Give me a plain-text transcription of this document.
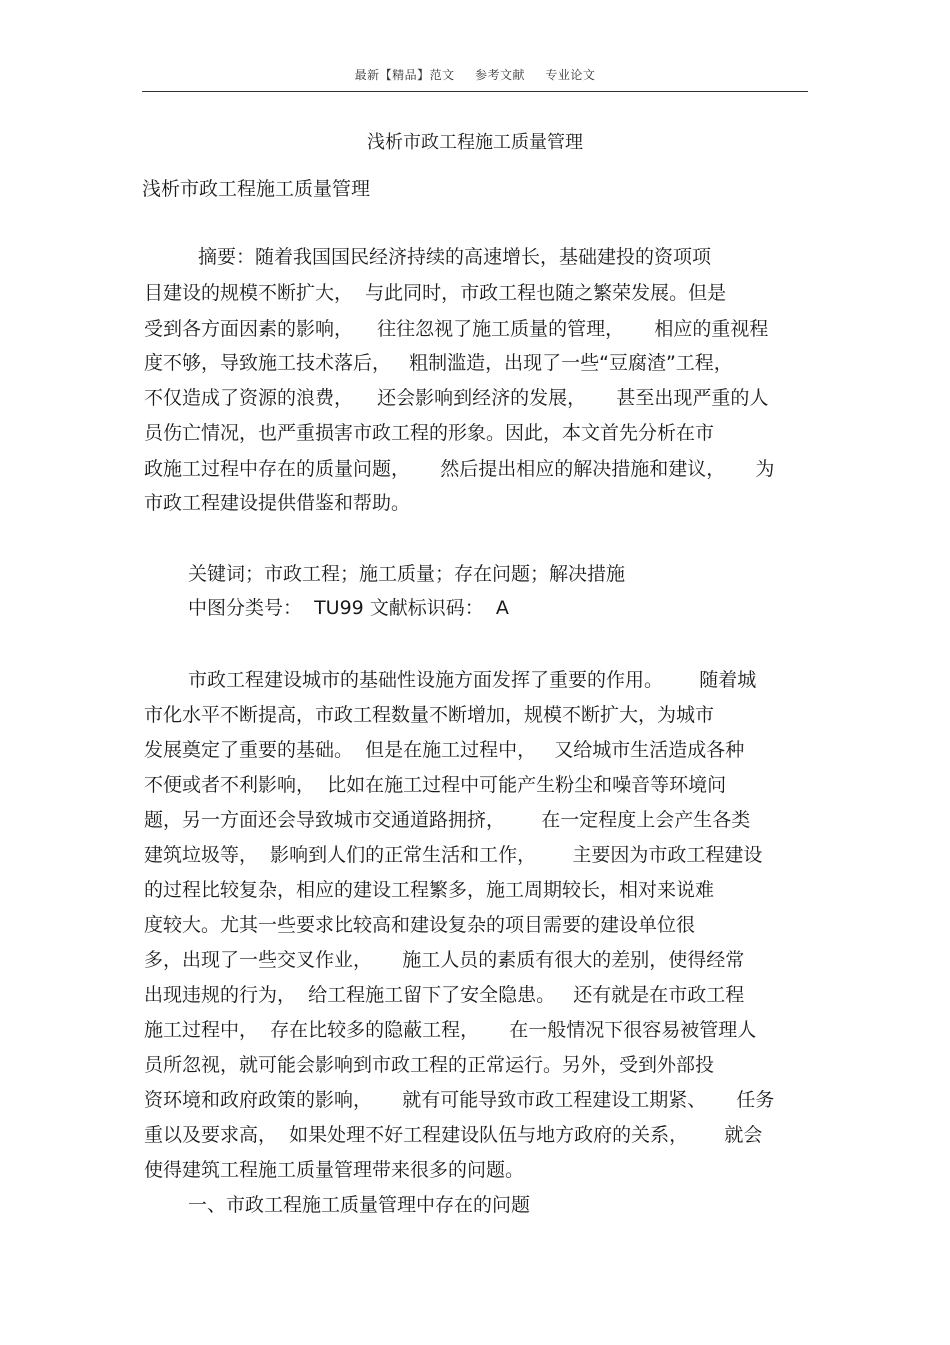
最新【精品】范文 参考文献 专业论文
浅析市政工程施工质量管理
浅析市政工程施工质量管理
摘要：随着我国国民经济持续的高速增长，基础建投的资项项
目建设的规模不断扩大，  与此同时，市政工程也随之繁荣发展。但是
受到各方面因素的影响，    往往忽视了施工质量的管理，     相应的重视程
度不够，导致施工技术落后，   粗制滥造，出现了一些“豆腐渣”工程，
不仅造成了资源的浪费，    还会影响到经济的发展，     甚至出现严重的人
员伤亡情况，也严重损害市政工程的形象。因此，本文首先分析在市
政施工过程中存在的质量问题，     然后提出相应的解决措施和建议，     为
市政工程建设提供借鉴和帮助。
关键词；市政工程；施工质量；存在问题；解决措施
中图分类号：  TU99 文献标识码：  A
市政工程建设城市的基础性设施方面发挥了重要的作用。      随着城
市化水平不断提高，市政工程数量不断增加，规模不断扩大，为城市
发展奠定了重要的基础。  但是在施工过程中，   又给城市生活造成各种
不便或者不利影响，  比如在施工过程中可能产生粉尘和噪音等环境问
题，另一方面还会导致城市交通道路拥挤，      在一定程度上会产生各类
建筑垃圾等，  影响到人们的正常生活和工作，      主要因为市政工程建设
的过程比较复杂，相应的建设工程繁多，施工周期较长，相对来说难
度较大。尤其一些要求比较高和建设复杂的项目需要的建设单位很
多，出现了一些交叉作业，     施工人员的素质有很大的差别，使得经常
出现违规的行为，  给工程施工留下了安全隐患。   还有就是在市政工程
施工过程中，  存在比较多的隐蔽工程，     在一般情况下很容易被管理人
员所忽视，就可能会影响到市政工程的正常运行。另外，受到外部投
资环境和政府政策的影响，     就有可能导致市政工程建设工期紧、     任务
重以及要求高，  如果处理不好工程建设队伍与地方政府的关系，      就会
使得建筑工程施工质量管理带来很多的问题。
一、市政工程施工质量管理中存在的问题
